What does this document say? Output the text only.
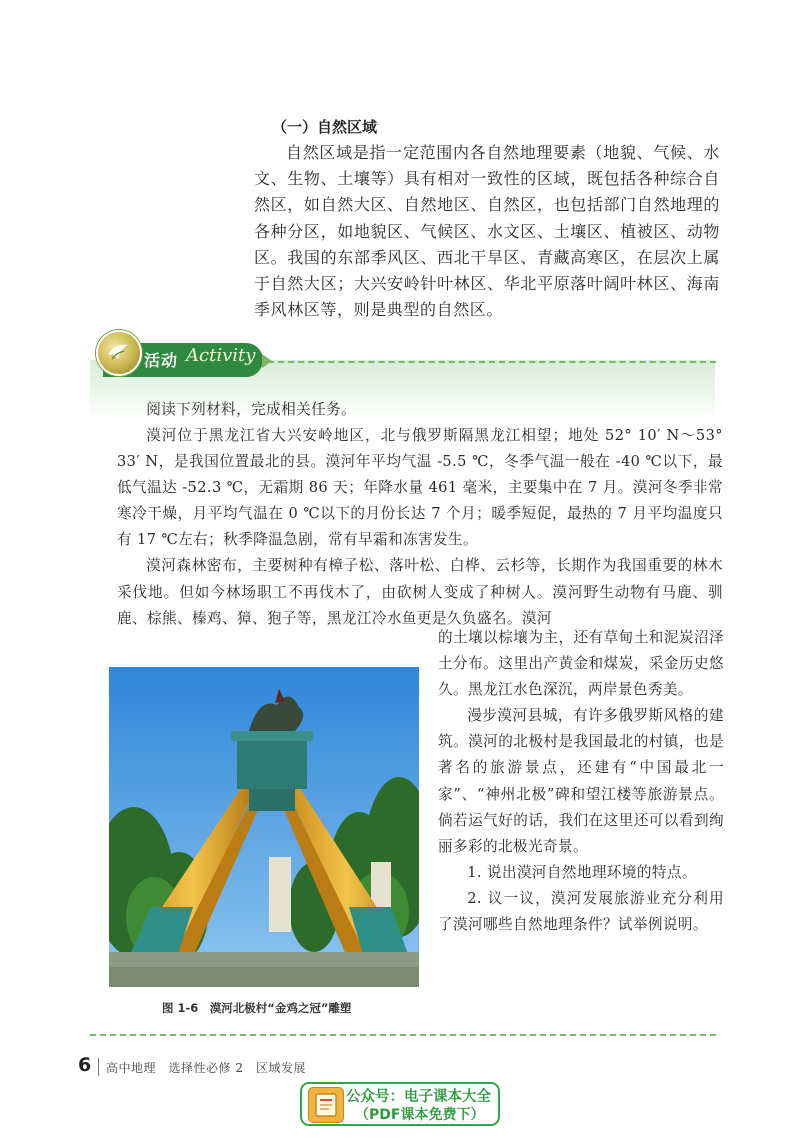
（一）自然区域

自然区域是指一定范围内各自然地理要素（地貌、气候、水文、生物、土壤等）具有相对一致性的区域，既包括各种综合自然区，如自然大区、自然地区、自然区，也包括部门自然地理的各种分区，如地貌区、气候区、水文区、土壤区、植被区、动物区。我国的东部季风区、西北干旱区、青藏高寒区，在层次上属于自然大区；大兴安岭针叶林区、华北平原落叶阔叶林区、海南季风林区等，则是典型的自然区。

活动 Activity

阅读下列材料，完成相关任务。

漠河位于黑龙江省大兴安岭地区，北与俄罗斯隔黑龙江相望；地处 52° 10′ N～53° 33′ N，是我国位置最北的县。漠河年平均气温 -5.5 ℃，冬季气温一般在 -40 ℃以下，最低气温达 -52.3 ℃，无霜期 86 天；年降水量 461 毫米，主要集中在 7 月。漠河冬季非常寒冷干燥，月平均气温在 0 ℃以下的月份长达 7 个月；暖季短促，最热的 7 月平均温度只有 17 ℃左右；秋季降温急剧，常有早霜和冻害发生。

漠河森林密布，主要树种有樟子松、落叶松、白桦、云杉等，长期作为我国重要的林木采伐地。但如今林场职工不再伐木了，由砍树人变成了种树人。漠河野生动物有马鹿、驯鹿、棕熊、榛鸡、獐、狍子等，黑龙江冷水鱼更是久负盛名。漠河

的土壤以棕壤为主，还有草甸土和泥炭沼泽土分布。这里出产黄金和煤炭，采金历史悠久。黑龙江水色深沉，两岸景色秀美。

漫步漠河县城，有许多俄罗斯风格的建筑。漠河的北极村是我国最北的村镇，也是著名的旅游景点，还建有“中国最北一家”、“神州北极”碑和望江楼等旅游景点。倘若运气好的话，我们在这里还可以看到绚丽多彩的北极光奇景。

1. 说出漠河自然地理环境的特点。

2. 议一议，漠河发展旅游业充分利用了漠河哪些自然地理条件？试举例说明。

图 1-6　漠河北极村“金鸡之冠”雕塑
6 高中地理　选择性必修 2　区域发展
公众号：电子课本大全
（PDF课本免费下）
